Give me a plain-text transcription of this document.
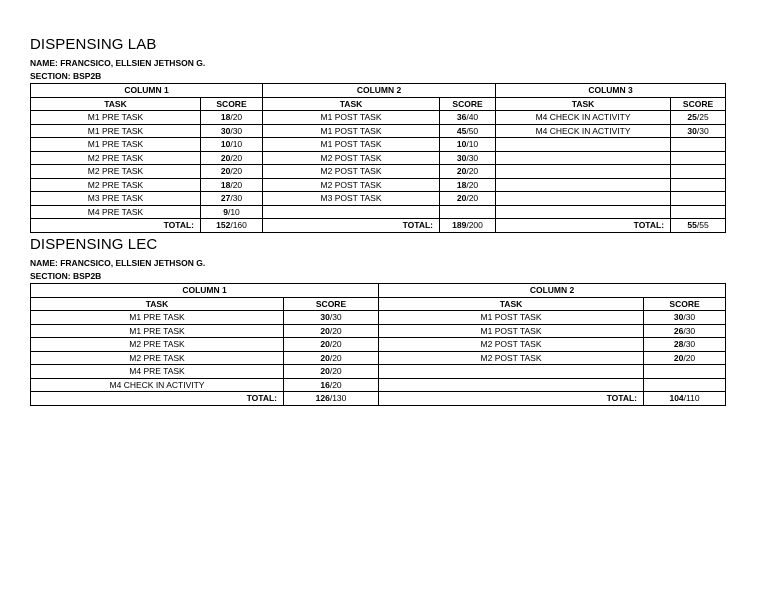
DISPENSING LAB
NAME: FRANCSICO, ELLSIEN JETHSON G.
SECTION: BSP2B
COLUMN 1		COLUMN 2		COLUMN 3	
TASK	SCORE	TASK	SCORE	TASK	SCORE
M1 PRE TASK	18/20	M1 POST TASK	36/40	M4 CHECK IN ACTIVITY	25/25
M1 PRE TASK	30/30	M1 POST TASK	45/50	M4 CHECK IN ACTIVITY	30/30
M1 PRE TASK	10/10	M1 POST TASK	10/10		
M2 PRE TASK	20/20	M2 POST TASK	30/30		
M2 PRE TASK	20/20	M2 POST TASK	20/20		
M2 PRE TASK	18/20	M2 POST TASK	18/20		
M3 PRE TASK	27/30	M3 POST TASK	20/20		
M4 PRE TASK	9/10				
TOTAL:	152/160	TOTAL:	189/200	TOTAL:	55/55
DISPENSING LEC
NAME: FRANCSICO, ELLSIEN JETHSON G.
SECTION: BSP2B
COLUMN 1		COLUMN 2	
TASK	SCORE	TASK	SCORE
M1 PRE TASK	30/30	M1 POST TASK	30/30
M1 PRE TASK	20/20	M1 POST TASK	26/30
M2 PRE TASK	20/20	M2 POST TASK	28/30
M2 PRE TASK	20/20	M2 POST TASK	20/20
M4 PRE TASK	20/20		
M4 CHECK IN ACTIVITY	16/20		
TOTAL:	126/130	TOTAL:	104/110
